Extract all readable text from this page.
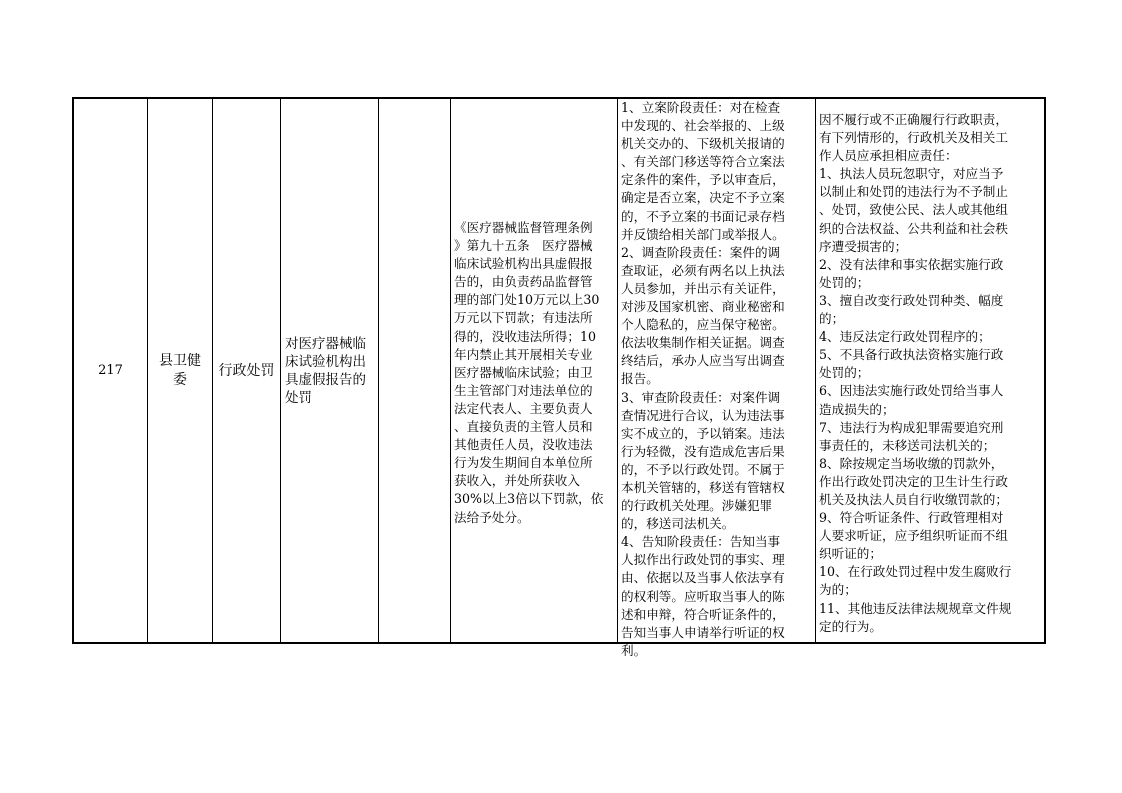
217
县卫健
委
行政处罚
对医疗器械临
床试验机构出
具虚假报告的
处罚
《医疗器械监督管理条例
》第九十五条　医疗器械
临床试验机构出具虚假报
告的，由负责药品监督管
理的部门处10万元以上30
万元以下罚款；有违法所
得的，没收违法所得；10
年内禁止其开展相关专业
医疗器械临床试验；由卫
生主管部门对违法单位的
法定代表人、主要负责人
、直接负责的主管人员和
其他责任人员，没收违法
行为发生期间自本单位所
获收入，并处所获收入
30%以上3倍以下罚款，依
法给予处分。
1、立案阶段责任：对在检查
中发现的、社会举报的、上级
机关交办的、下级机关报请的
、有关部门移送等符合立案法
定条件的案件，予以审查后，
确定是否立案，决定不予立案
的，不予立案的书面记录存档
并反馈给相关部门或举报人。
2、调查阶段责任：案件的调
查取证，必须有两名以上执法
人员参加，并出示有关证件，
对涉及国家机密、商业秘密和
个人隐私的，应当保守秘密。
依法收集制作相关证据。调查
终结后，承办人应当写出调查
报告。
3、审查阶段责任：对案件调
查情况进行合议，认为违法事
实不成立的，予以销案。违法
行为轻微，没有造成危害后果
的，不予以行政处罚。不属于
本机关管辖的，移送有管辖权
的行政机关处理。涉嫌犯罪
的，移送司法机关。
4、告知阶段责任：告知当事
人拟作出行政处罚的事实、理
由、依据以及当事人依法享有
的权利等。应听取当事人的陈
述和申辩，符合听证条件的，
告知当事人申请举行听证的权
利。
因不履行或不正确履行行政职责，
有下列情形的，行政机关及相关工
作人员应承担相应责任：
1、执法人员玩忽职守，对应当予
以制止和处罚的违法行为不予制止
、处罚，致使公民、法人或其他组
织的合法权益、公共利益和社会秩
序遭受损害的；
2、没有法律和事实依据实施行政
处罚的；
3、擅自改变行政处罚种类、幅度
的；
4、违反法定行政处罚程序的；
5、不具备行政执法资格实施行政
处罚的；
6、因违法实施行政处罚给当事人
造成损失的；
7、违法行为构成犯罪需要追究刑
事责任的，未移送司法机关的；
8、除按规定当场收缴的罚款外，
作出行政处罚决定的卫生计生行政
机关及执法人员自行收缴罚款的；
9、符合听证条件、行政管理相对
人要求听证，应予组织听证而不组
织听证的；
10、在行政处罚过程中发生腐败行
为的；
11、其他违反法律法规规章文件规
定的行为。
